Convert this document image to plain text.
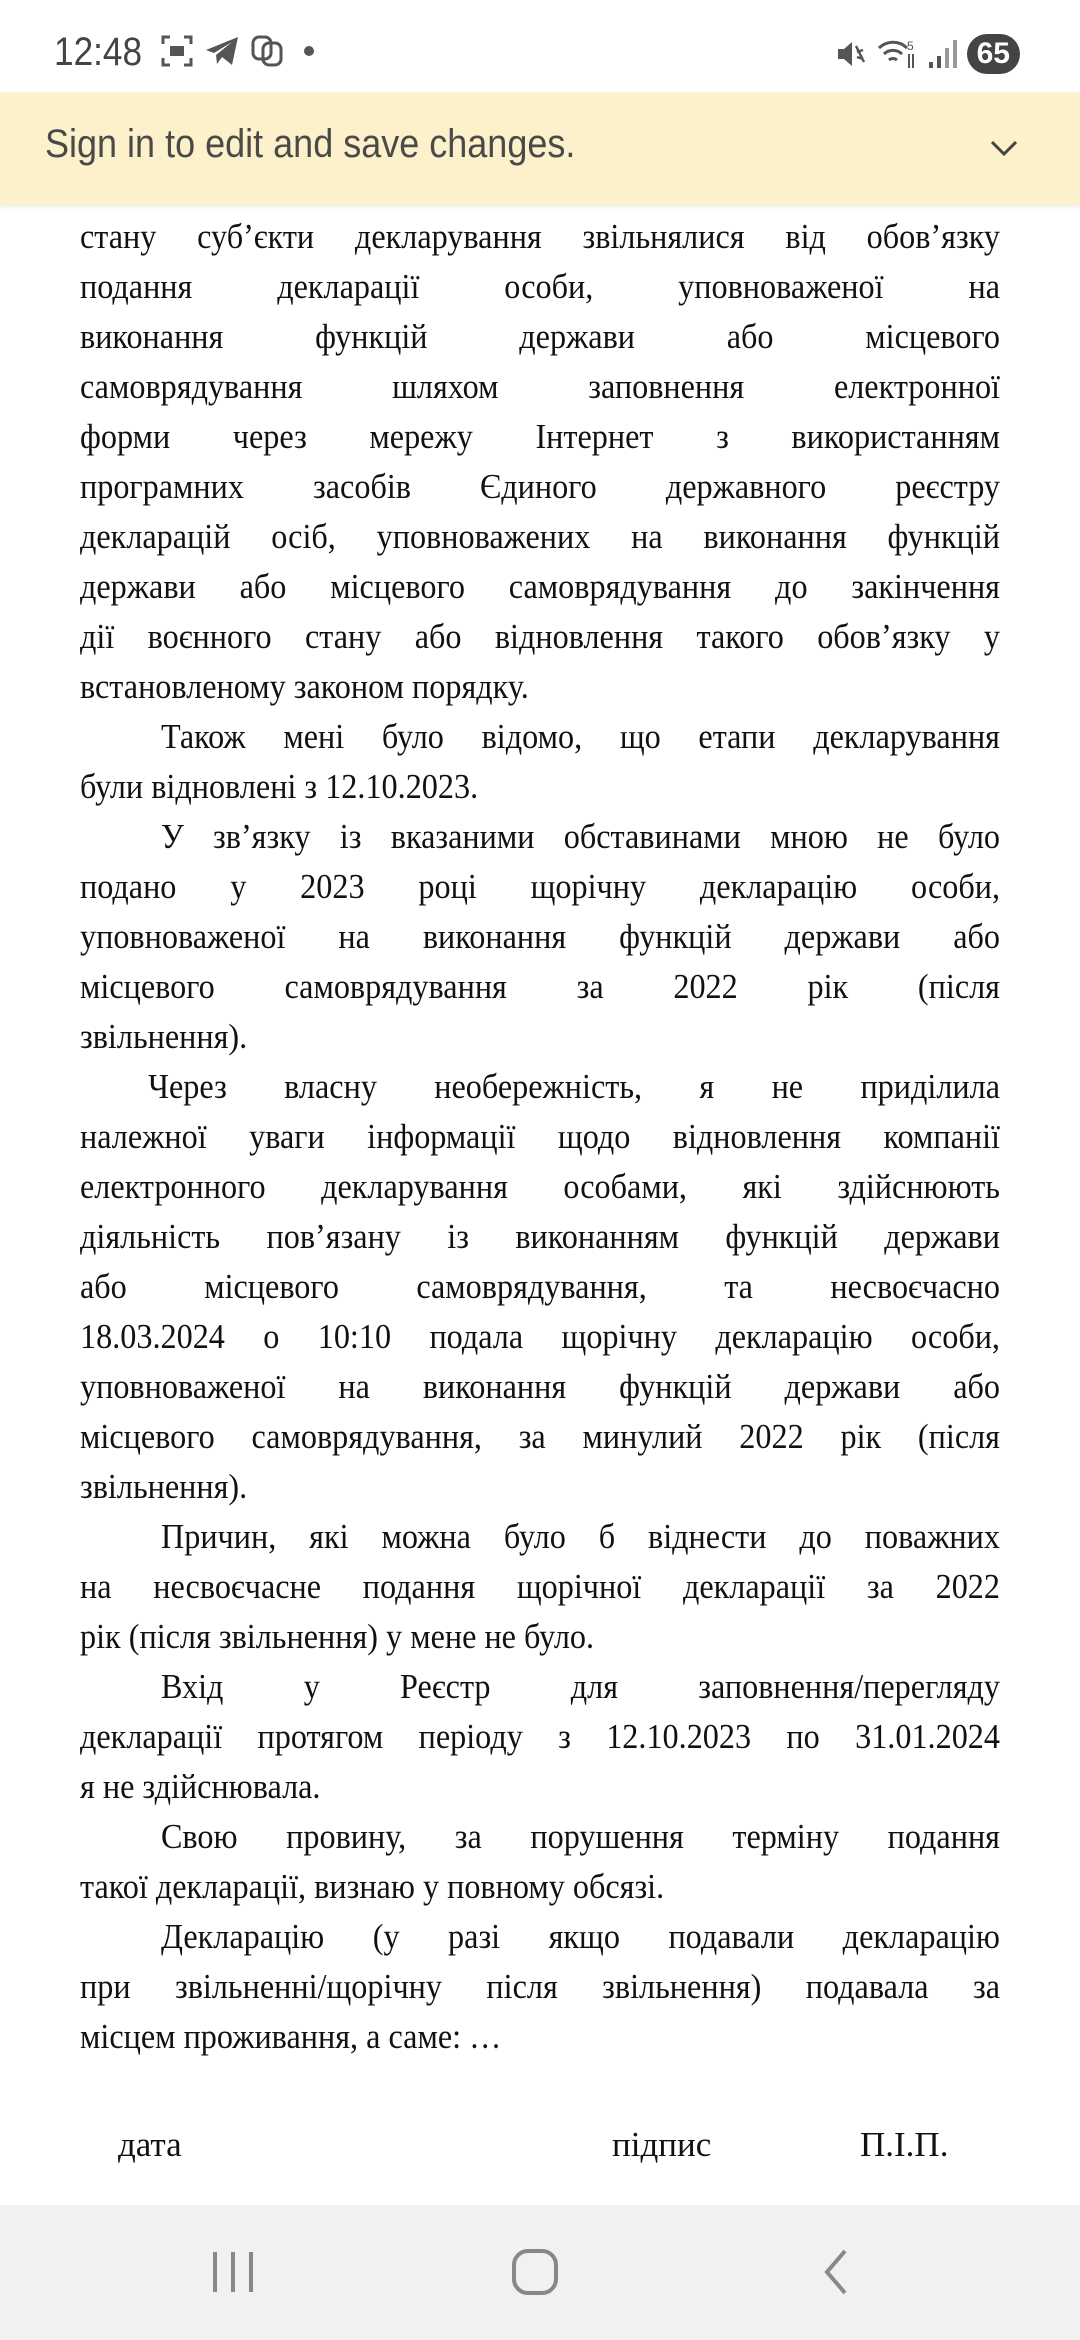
12:48	5	65
Sign in to edit and save changes.
стану суб’єкти декларування звільнялися від обов’язку
подання декларації особи, уповноваженої на
виконання функцій держави або місцевого
самоврядування шляхом заповнення електронної
форми через мережу Інтернет з використанням
програмних засобів Єдиного державного реєстру
декларацій осіб, уповноважених на виконання функцій
держави або місцевого самоврядування до закінчення
дії воєнного стану або відновлення такого обов’язку у
встановленому законом порядку.
Також мені було відомо, що етапи декларування
були відновлені з 12.10.2023.
У зв’язку із вказаними обставинами мною не було
подано у 2023 році щорічну декларацію особи,
уповноваженої на виконання функцій держави або
місцевого самоврядування за 2022 рік (після
звільнення).
Через власну необережність, я не приділила
належної уваги інформації щодо відновлення компанії
електронного декларування особами, які здійснюють
діяльність пов’язану із виконанням функцій держави
або місцевого самоврядування, та несвоєчасно
18.03.2024 о 10:10 подала щорічну декларацію особи,
уповноваженої на виконання функцій держави або
місцевого самоврядування, за минулий 2022 рік (після
звільнення).
Причин, які можна було б віднести до поважних
на несвоєчасне подання щорічної декларації за 2022
рік (після звільнення) у мене не було.
Вхід у Реєстр для заповнення/перегляду
декларації протягом періоду з 12.10.2023 по 31.01.2024
я не здійснювала.
Свою провину, за порушення терміну подання
такої декларації, визнаю у повному обсязі.
Декларацію (у разі якщо подавали декларацію
при звільненні/щорічну після звільнення) подавала за
місцем проживання, а саме: …
дата	підпис	П.І.П.
